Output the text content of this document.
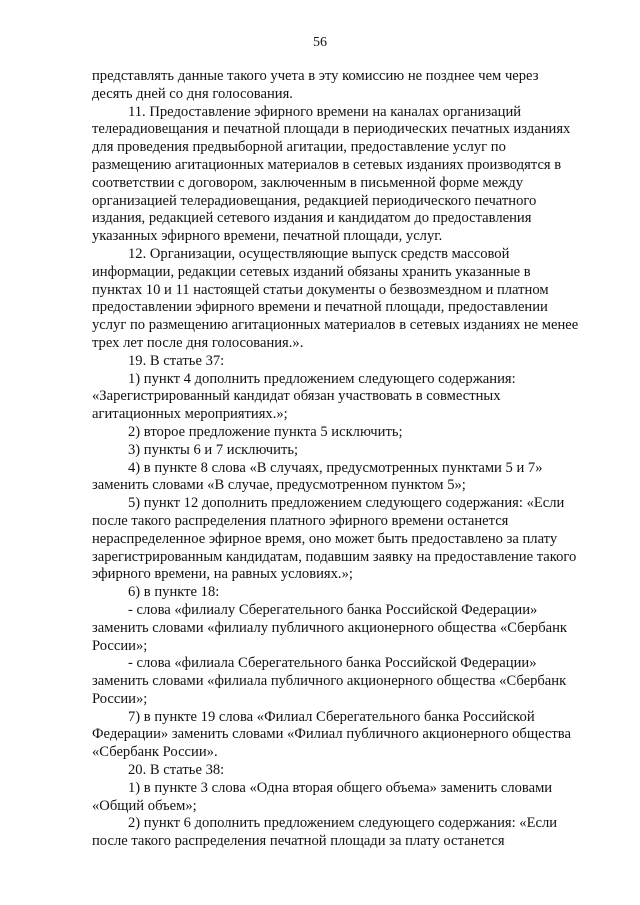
56

представлять данные такого учета в эту комиссию не позднее чем через
десять дней со дня голосования.

11. Предоставление эфирного времени на каналах организаций
телерадиовещания и печатной площади в периодических печатных изданиях
для проведения предвыборной агитации, предоставление услуг по
размещению агитационных материалов в сетевых изданиях производятся в
соответствии с договором, заключенным в письменной форме между
организацией телерадиовещания, редакцией периодического печатного
издания, редакцией сетевого издания и кандидатом до предоставления
указанных эфирного времени, печатной площади, услуг.

12. Организации, осуществляющие выпуск средств массовой
информации, редакции сетевых изданий обязаны хранить указанные в
пунктах 10 и 11 настоящей статьи документы о безвозмездном и платном
предоставлении эфирного времени и печатной площади, предоставлении
услуг по размещению агитационных материалов в сетевых изданиях не менее
трех лет после дня голосования.».

19. В статье 37:

1) пункт 4 дополнить предложением следующего содержания:
«Зарегистрированный кандидат обязан участвовать в совместных
агитационных мероприятиях.»;

2) второе предложение пункта 5 исключить;

3) пункты 6 и 7 исключить;

4) в пункте 8 слова «В случаях, предусмотренных пунктами 5 и 7»
заменить словами «В случае, предусмотренном пунктом 5»;

5) пункт 12 дополнить предложением следующего содержания: «Если
после такого распределения платного эфирного времени останется
нераспределенное эфирное время, оно может быть предоставлено за плату
зарегистрированным кандидатам, подавшим заявку на предоставление такого
эфирного времени, на равных условиях.»;

6) в пункте 18:

- слова «филиалу Сберегательного банка Российской Федерации»
заменить словами «филиалу публичного акционерного общества «Сбербанк
России»;

- слова «филиала Сберегательного банка Российской Федерации»
заменить словами «филиала публичного акционерного общества «Сбербанк
России»;

7) в пункте 19 слова «Филиал Сберегательного банка Российской
Федерации» заменить словами «Филиал публичного акционерного общества
«Сбербанк России».

20. В статье 38:

1) в пункте 3 слова «Одна вторая общего объема» заменить словами
«Общий объем»;

2) пункт 6 дополнить предложением следующего содержания: «Если
после такого распределения печатной площади за плату останется
